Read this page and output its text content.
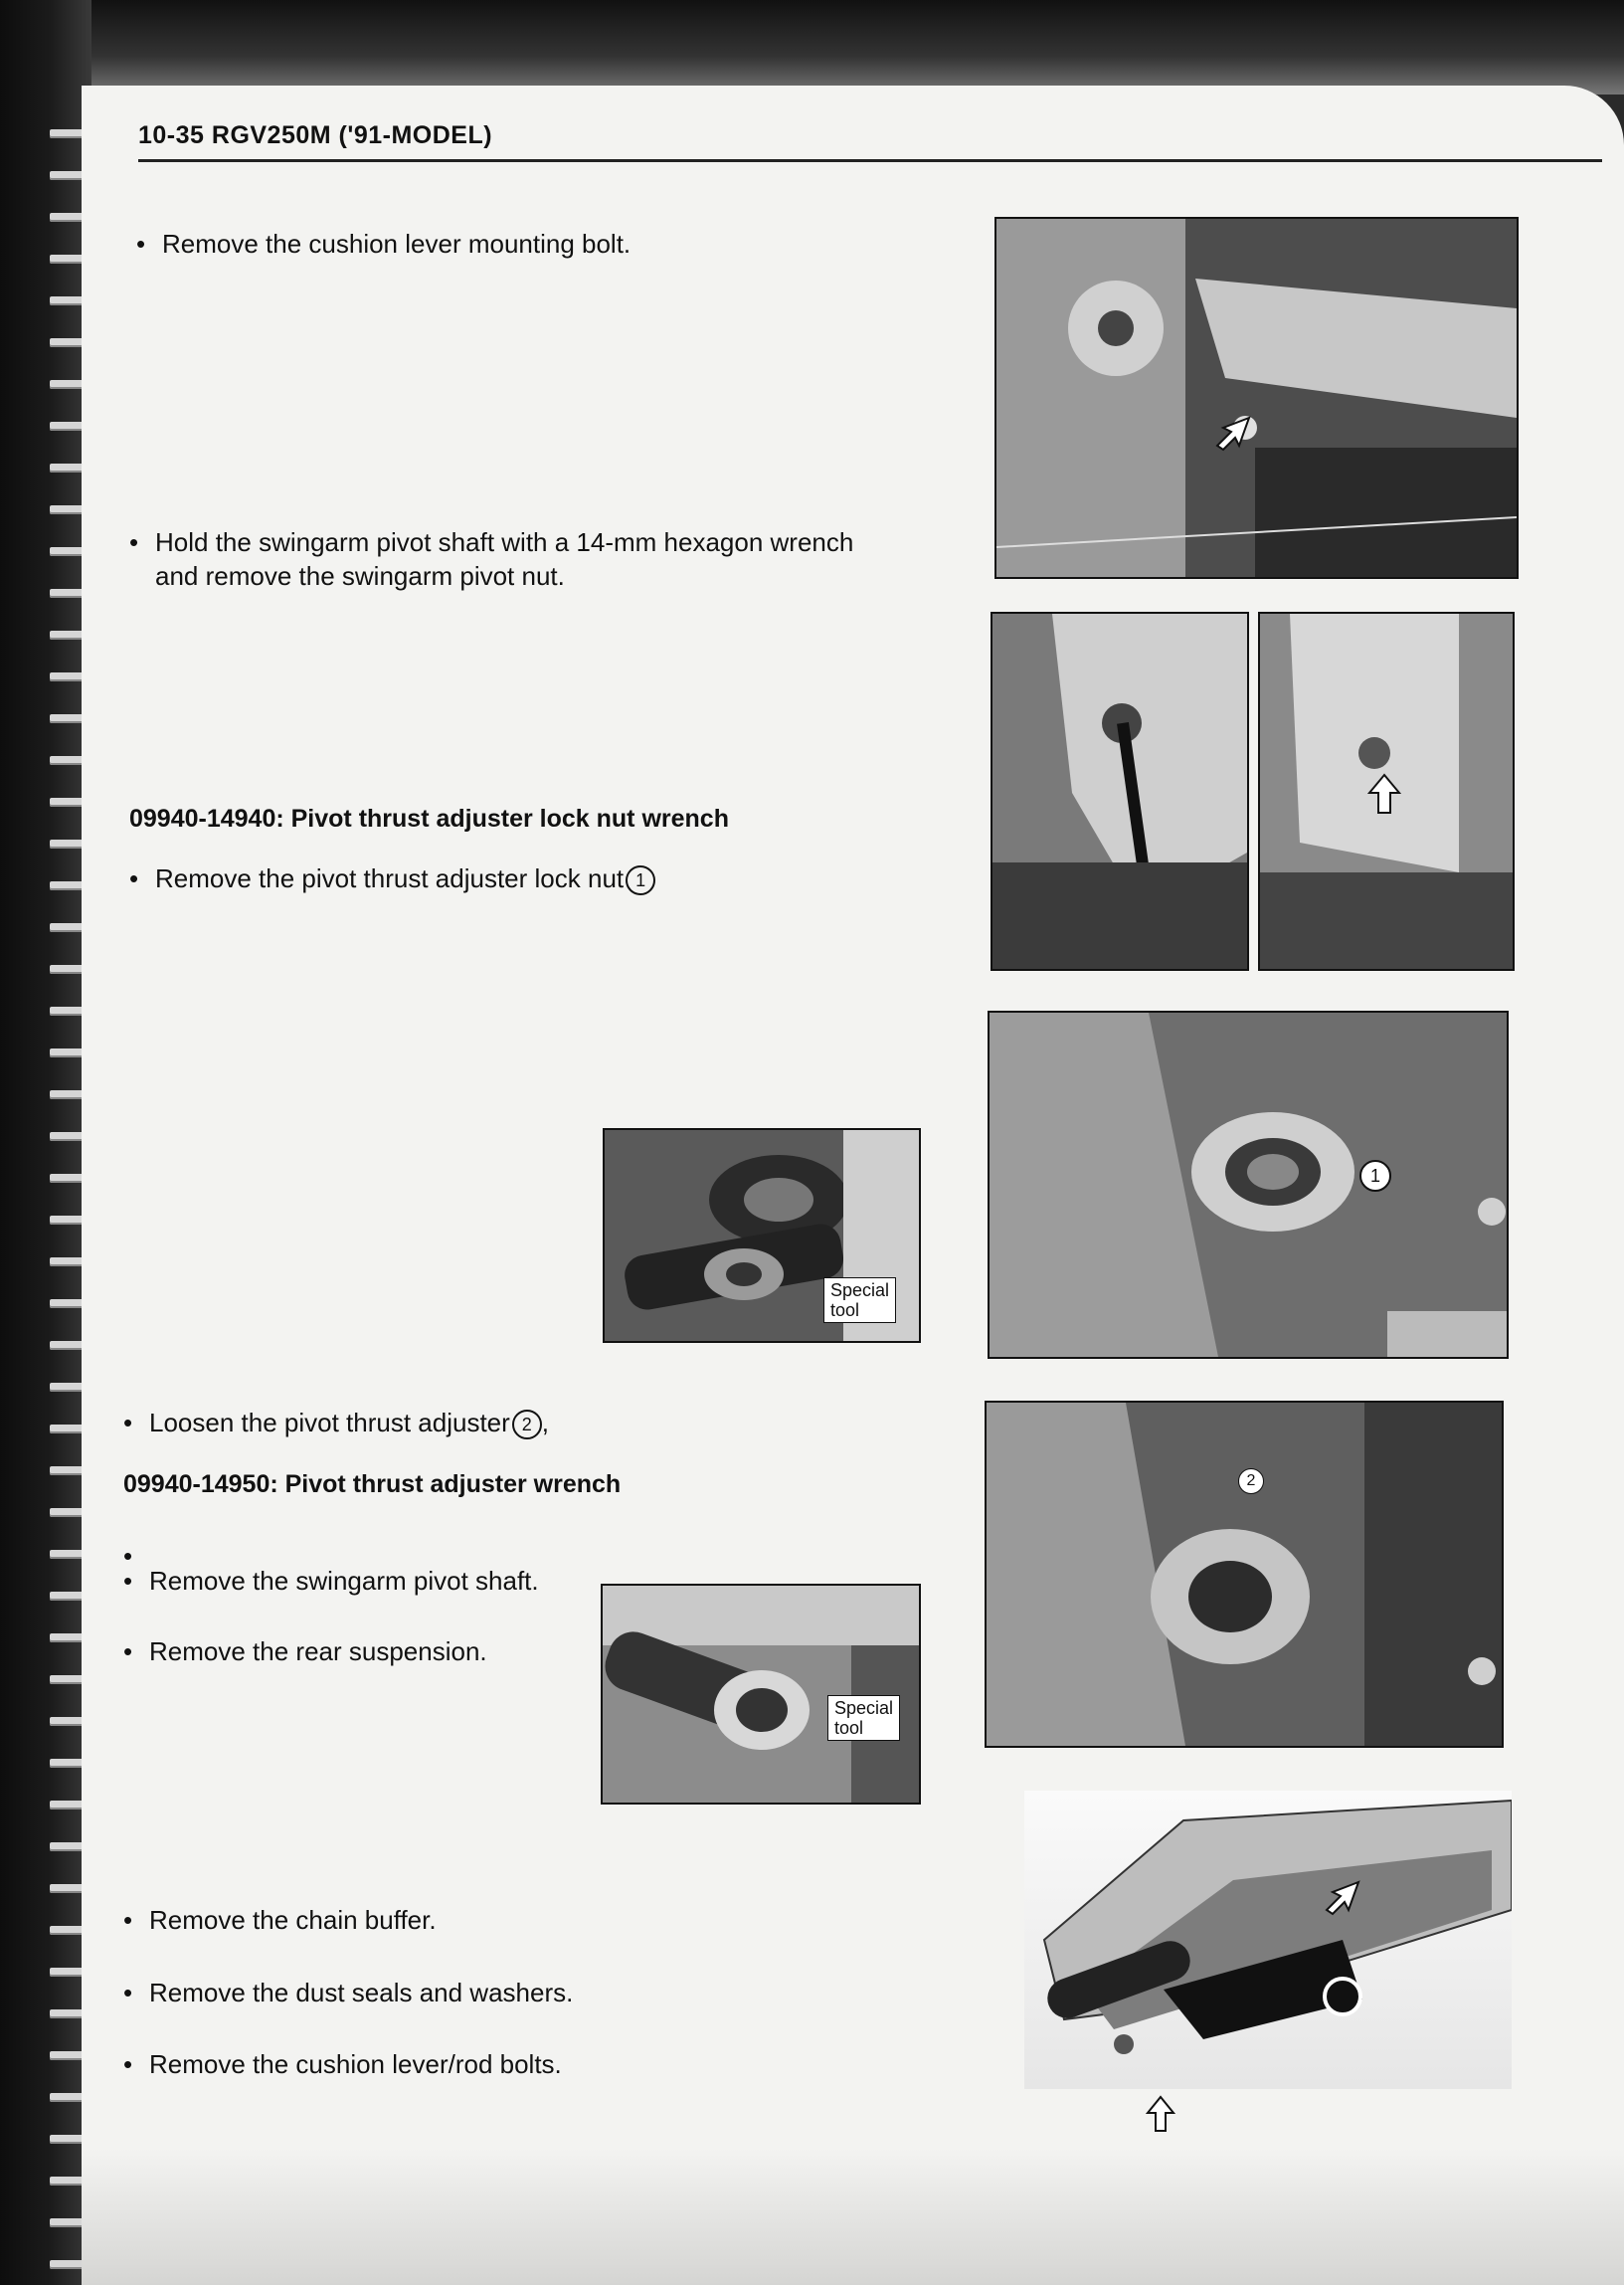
10-35 RGV250M ('91-MODEL)
• Remove the cushion lever mounting bolt.
• Hold the swingarm pivot shaft with a 14-mm hexagon wrench
and remove the swingarm pivot nut.
• Remove the pivot thrust adjuster lock nut 1
09940-14940: Pivot thrust adjuster lock nut wrench
Special
tool
• Loosen the pivot thrust adjuster 2 ,
09940-14950: Pivot thrust adjuster wrench
• Remove the swingarm pivot shaft.
• Remove the rear suspension.
Special
tool
• Remove the chain buffer.
• Remove the dust seals and washers.
• Remove the cushion lever/rod bolts.
1
2
